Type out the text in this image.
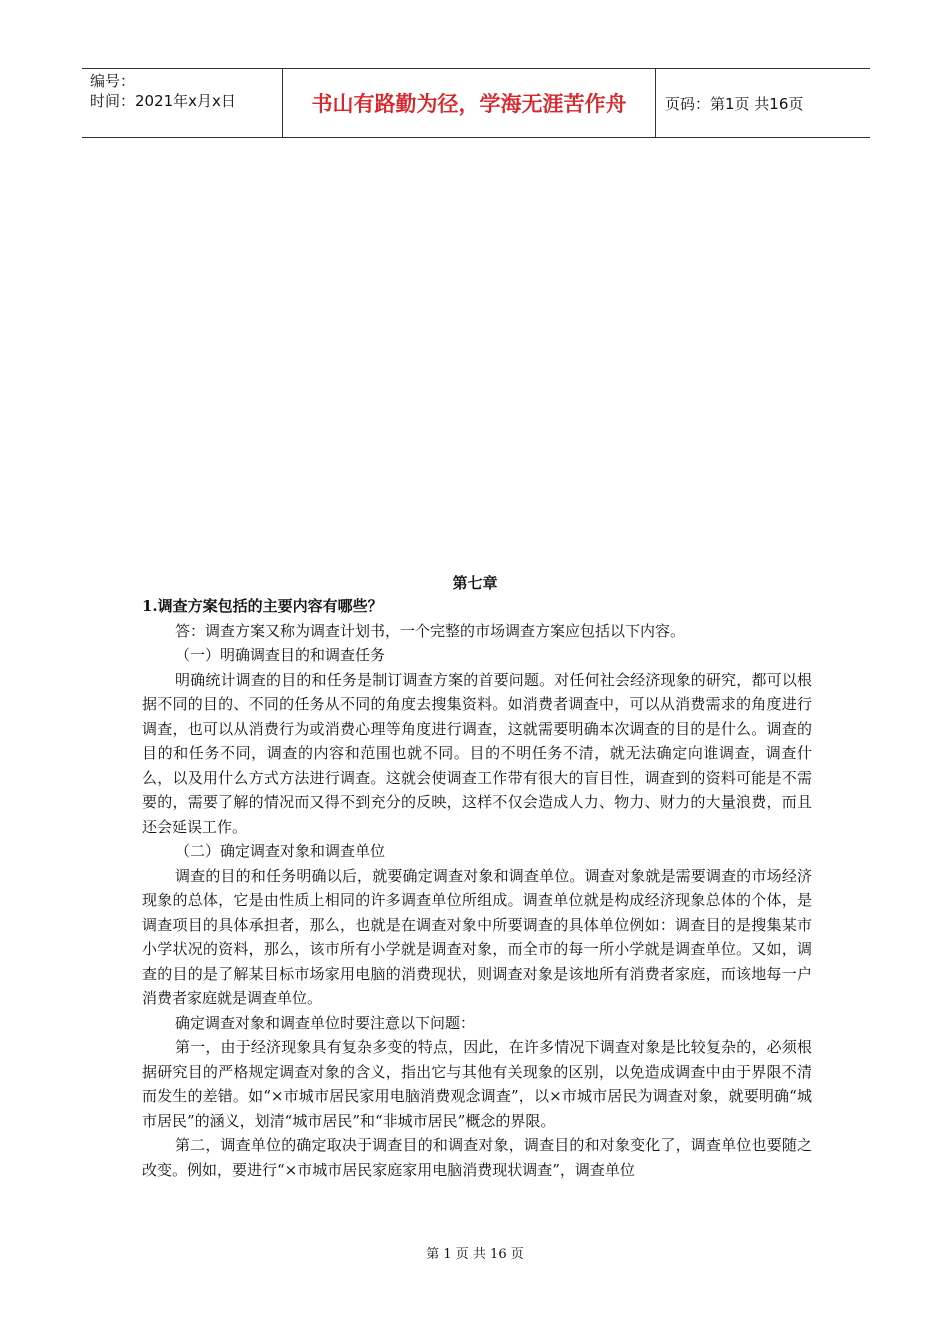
编号：
时间：2021年x月x日	书山有路勤为径，学海无涯苦作舟	页码：第1页 共16页
第七章

1.调查方案包括的主要内容有哪些？

答：调查方案又称为调查计划书，一个完整的市场调查方案应包括以下内容。

（一）明确调查目的和调查任务

明确统计调查的目的和任务是制订调查方案的首要问题。对任何社会经济现象的研究，都可以根据不同的目的、不同的任务从不同的角度去搜集资料。如消费者调查中，可以从消费需求的角度进行调查，也可以从消费行为或消费心理等角度进行调查，这就需要明确本次调查的目的是什么。调查的目的和任务不同，调查的内容和范围也就不同。目的不明任务不清，就无法确定向谁调查，调查什么，以及用什么方式方法进行调查。这就会使调查工作带有很大的盲目性，调查到的资料可能是不需要的，需要了解的情况而又得不到充分的反映，这样不仅会造成人力、物力、财力的大量浪费，而且还会延误工作。

（二）确定调查对象和调查单位

调查的目的和任务明确以后，就要确定调查对象和调查单位。调查对象就是需要调查的市场经济现象的总体，它是由性质上相同的许多调查单位所组成。调查单位就是构成经济现象总体的个体，是调查项目的具体承担者，那么，也就是在调查对象中所要调查的具体单位例如：调查目的是搜集某市小学状况的资料，那么，该市所有小学就是调查对象，而全市的每一所小学就是调查单位。又如，调查的目的是了解某目标市场家用电脑的消费现状，则调查对象是该地所有消费者家庭，而该地每一户消费者家庭就是调查单位。

确定调查对象和调查单位时要注意以下问题：

第一，由于经济现象具有复杂多变的特点，因此，在许多情况下调查对象是比较复杂的，必须根据研究目的严格规定调查对象的含义，指出它与其他有关现象的区别，以免造成调查中由于界限不清而发生的差错。如“×市城市居民家用电脑消费观念调查”，以×市城市居民为调查对象，就要明确“城市居民”的涵义，划清“城市居民”和“非城市居民”概念的界限。

第二，调查单位的确定取决于调查目的和调查对象，调查目的和对象变化了，调查单位也要随之改变。例如，要进行“×市城市居民家庭家用电脑消费现状调查”，调查单位

第 1 页 共 16 页
